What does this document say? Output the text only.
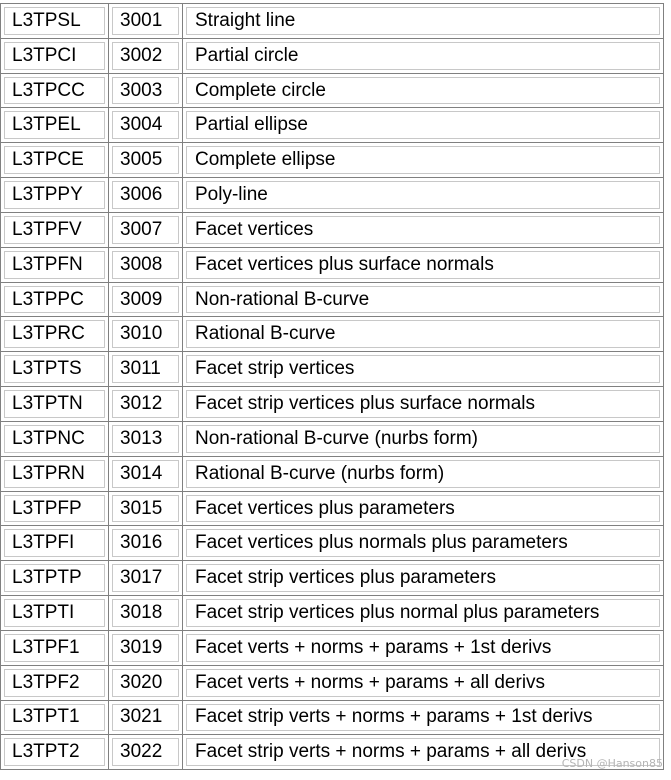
L3TPSL 3001 Straight line
L3TPCI 3002 Partial circle
L3TPCC 3003 Complete circle
L3TPEL 3004 Partial ellipse
L3TPCE 3005 Complete ellipse
L3TPPY 3006 Poly-line
L3TPFV 3007 Facet vertices
L3TPFN 3008 Facet vertices plus surface normals
L3TPPC 3009 Non-rational B-curve
L3TPRC 3010 Rational B-curve
L3TPTS 3011 Facet strip vertices
L3TPTN 3012 Facet strip vertices plus surface normals
L3TPNC 3013 Non-rational B-curve (nurbs form)
L3TPRN 3014 Rational B-curve (nurbs form)
L3TPFP 3015 Facet vertices plus parameters
L3TPFI 3016 Facet vertices plus normals plus parameters
L3TPTP 3017 Facet strip vertices plus parameters
L3TPTI 3018 Facet strip vertices plus normal plus parameters
L3TPF1 3019 Facet verts + norms + params + 1st derivs
L3TPF2 3020 Facet verts + norms + params + all derivs
L3TPT1 3021 Facet strip verts + norms + params + 1st derivs
L3TPT2 3022 Facet strip verts + norms + params + all derivs
CSDN @Hanson85
